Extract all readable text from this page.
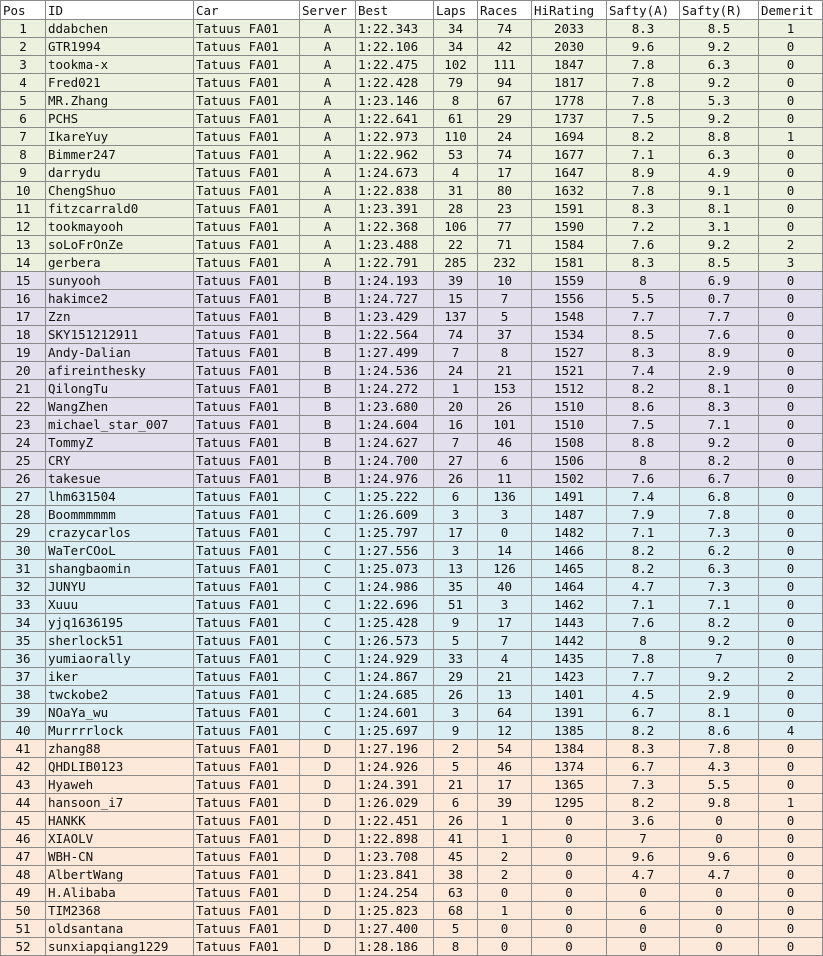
Pos	ID	Car	Server	Best	Laps	Races	HiRating	Safty(A)	Safty(R)	Demerit
1	ddabchen	Tatuus FA01	A	1:22.343	34	74	2033	8.3	8.5	1
2	GTR1994	Tatuus FA01	A	1:22.106	34	42	2030	9.6	9.2	0
3	tookma-x	Tatuus FA01	A	1:22.475	102	111	1847	7.8	6.3	0
4	Fred021	Tatuus FA01	A	1:22.428	79	94	1817	7.8	9.2	0
5	MR.Zhang	Tatuus FA01	A	1:23.146	8	67	1778	7.8	5.3	0
6	PCHS	Tatuus FA01	A	1:22.641	61	29	1737	7.5	9.2	0
7	IkareYuy	Tatuus FA01	A	1:22.973	110	24	1694	8.2	8.8	1
8	Bimmer247	Tatuus FA01	A	1:22.962	53	74	1677	7.1	6.3	0
9	darrydu	Tatuus FA01	A	1:24.673	4	17	1647	8.9	4.9	0
10	ChengShuo	Tatuus FA01	A	1:22.838	31	80	1632	7.8	9.1	0
11	fitzcarrald0	Tatuus FA01	A	1:23.391	28	23	1591	8.3	8.1	0
12	tookmayooh	Tatuus FA01	A	1:22.368	106	77	1590	7.2	3.1	0
13	soLoFrOnZe	Tatuus FA01	A	1:23.488	22	71	1584	7.6	9.2	2
14	gerbera	Tatuus FA01	A	1:22.791	285	232	1581	8.3	8.5	3
15	sunyooh	Tatuus FA01	B	1:24.193	39	10	1559	8	6.9	0
16	hakimce2	Tatuus FA01	B	1:24.727	15	7	1556	5.5	0.7	0
17	Zzn	Tatuus FA01	B	1:23.429	137	5	1548	7.7	7.7	0
18	SKY151212911	Tatuus FA01	B	1:22.564	74	37	1534	8.5	7.6	0
19	Andy-Dalian	Tatuus FA01	B	1:27.499	7	8	1527	8.3	8.9	0
20	afireinthesky	Tatuus FA01	B	1:24.536	24	21	1521	7.4	2.9	0
21	QilongTu	Tatuus FA01	B	1:24.272	1	153	1512	8.2	8.1	0
22	WangZhen	Tatuus FA01	B	1:23.680	20	26	1510	8.6	8.3	0
23	michael_star_007	Tatuus FA01	B	1:24.604	16	101	1510	7.5	7.1	0
24	TommyZ	Tatuus FA01	B	1:24.627	7	46	1508	8.8	9.2	0
25	CRY	Tatuus FA01	B	1:24.700	27	6	1506	8	8.2	0
26	takesue	Tatuus FA01	B	1:24.976	26	11	1502	7.6	6.7	0
27	lhm631504	Tatuus FA01	C	1:25.222	6	136	1491	7.4	6.8	0
28	Boommmmmm	Tatuus FA01	C	1:26.609	3	3	1487	7.9	7.8	0
29	crazycarlos	Tatuus FA01	C	1:25.797	17	0	1482	7.1	7.3	0
30	WaTerCOoL	Tatuus FA01	C	1:27.556	3	14	1466	8.2	6.2	0
31	shangbaomin	Tatuus FA01	C	1:25.073	13	126	1465	8.2	6.3	0
32	JUNYU	Tatuus FA01	C	1:24.986	35	40	1464	4.7	7.3	0
33	Xuuu	Tatuus FA01	C	1:22.696	51	3	1462	7.1	7.1	0
34	yjq1636195	Tatuus FA01	C	1:25.428	9	17	1443	7.6	8.2	0
35	sherlock51	Tatuus FA01	C	1:26.573	5	7	1442	8	9.2	0
36	yumiaorally	Tatuus FA01	C	1:24.929	33	4	1435	7.8	7	0
37	iker	Tatuus FA01	C	1:24.867	29	21	1423	7.7	9.2	2
38	twckobe2	Tatuus FA01	C	1:24.685	26	13	1401	4.5	2.9	0
39	NOaYa_wu	Tatuus FA01	C	1:24.601	3	64	1391	6.7	8.1	0
40	Murrrrlock	Tatuus FA01	C	1:25.697	9	12	1385	8.2	8.6	4
41	zhang88	Tatuus FA01	D	1:27.196	2	54	1384	8.3	7.8	0
42	QHDLIB0123	Tatuus FA01	D	1:24.926	5	46	1374	6.7	4.3	0
43	Hyaweh	Tatuus FA01	D	1:24.391	21	17	1365	7.3	5.5	0
44	hansoon_i7	Tatuus FA01	D	1:26.029	6	39	1295	8.2	9.8	1
45	HANKK	Tatuus FA01	D	1:22.451	26	1	0	3.6	0	0
46	XIAOLV	Tatuus FA01	D	1:22.898	41	1	0	7	0	0
47	WBH-CN	Tatuus FA01	D	1:23.708	45	2	0	9.6	9.6	0
48	AlbertWang	Tatuus FA01	D	1:23.841	38	2	0	4.7	4.7	0
49	H.Alibaba	Tatuus FA01	D	1:24.254	63	0	0	0	0	0
50	TIM2368	Tatuus FA01	D	1:25.823	68	1	0	6	0	0
51	oldsantana	Tatuus FA01	D	1:27.400	5	0	0	0	0	0
52	sunxiapqiang1229	Tatuus FA01	D	1:28.186	8	0	0	0	0	0
